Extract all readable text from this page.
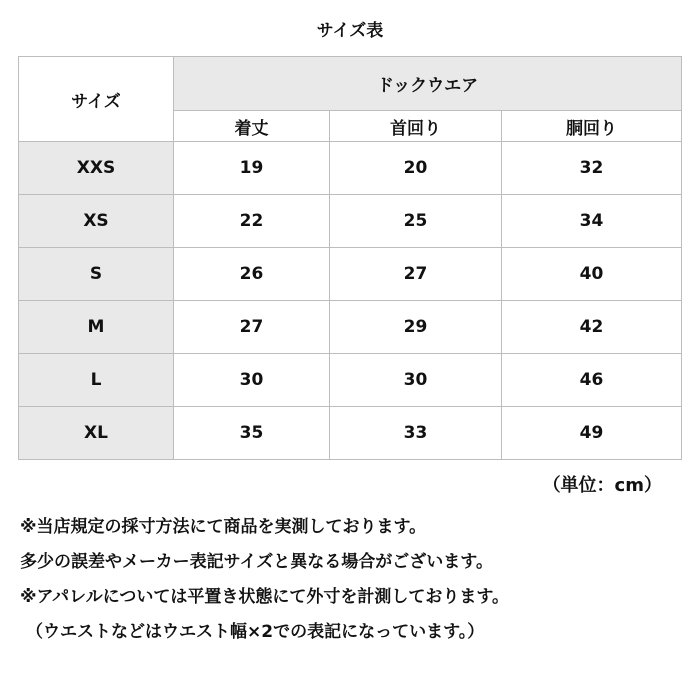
サイズ表
サイズ	ドックウエア		
	着丈	首回り	胴回り
XXS	19	20	32
XS	22	25	34
S	26	27	40
M	27	29	42
L	30	30	46
XL	35	33	49
（単位：cm）
※当店規定の採寸方法にて商品を実測しております。
多少の誤差やメーカー表記サイズと異なる場合がございます。
※アパレルについては平置き状態にて外寸を計測しております。
（ウエストなどはウエスト幅×2での表記になっています。）
